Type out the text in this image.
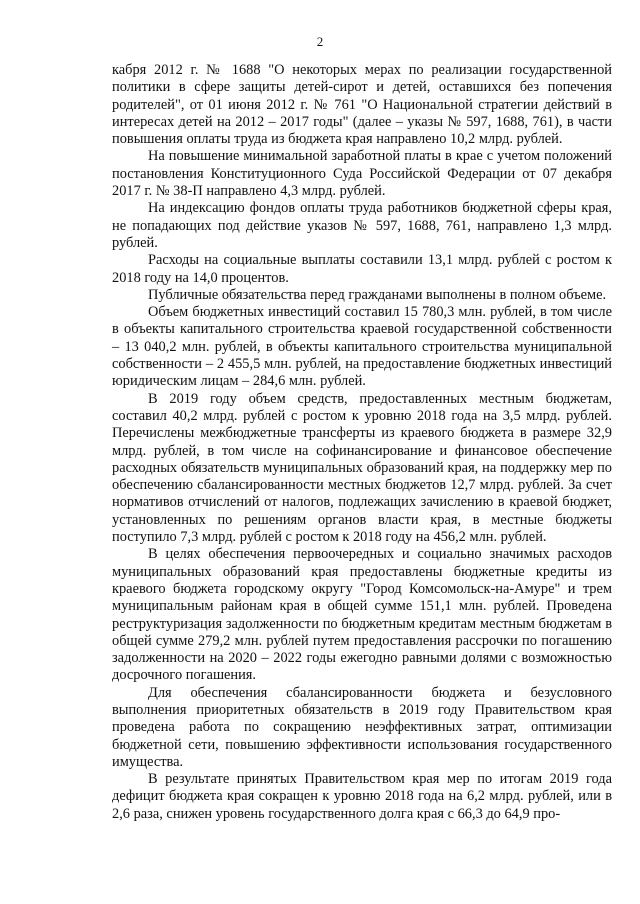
2

кабря 2012 г. № 1688 "О некоторых мерах по реализации государственной политики в сфере защиты детей-сирот и детей, оставшихся без попечения родителей", от 01 июня 2012 г. № 761 "О Национальной стратегии действий в интересах детей на 2012 – 2017 годы" (далее – указы № 597, 1688, 761), в части повышения оплаты труда из бюджета края направлено 10,2 млрд. рублей.

На повышение минимальной заработной платы в крае с учетом положений постановления Конституционного Суда Российской Федерации от 07 декабря 2017 г. № 38-П направлено 4,3 млрд. рублей.

На индексацию фондов оплаты труда работников бюджетной сферы края, не попадающих под действие указов № 597, 1688, 761, направлено 1,3 млрд. рублей.

Расходы на социальные выплаты составили 13,1 млрд. рублей с ростом к 2018 году на 14,0 процентов.

Публичные обязательства перед гражданами выполнены в полном объеме.

Объем бюджетных инвестиций составил 15 780,3 млн. рублей, в том числе в объекты капитального строительства краевой государственной собственности – 13 040,2 млн. рублей, в объекты капитального строительства муниципальной собственности – 2 455,5 млн. рублей, на предоставление бюджетных инвестиций юридическим лицам – 284,6 млн. рублей.

В 2019 году объем средств, предоставленных местным бюджетам, составил 40,2 млрд. рублей с ростом к уровню 2018 года на 3,5 млрд. рублей. Перечислены межбюджетные трансферты из краевого бюджета в размере 32,9 млрд. рублей, в том числе на софинансирование и финансовое обеспечение расходных обязательств муниципальных образований края, на поддержку мер по обеспечению сбалансированности местных бюджетов 12,7 млрд. рублей. За счет нормативов отчислений от налогов, подлежащих зачислению в краевой бюджет, установленных по решениям органов власти края, в местные бюджеты поступило 7,3 млрд. рублей с ростом к 2018 году на 456,2 млн. рублей.

В целях обеспечения первоочередных и социально значимых расходов муниципальных образований края предоставлены бюджетные кредиты из краевого бюджета городскому округу "Город Комсомольск-на-Амуре" и трем муниципальным районам края в общей сумме 151,1 млн. рублей. Проведена реструктуризация задолженности по бюджетным кредитам местным бюджетам в общей сумме 279,2 млн. рублей путем предоставления рассрочки по погашению задолженности на 2020 – 2022 годы ежегодно равными долями с возможностью досрочного погашения.

Для обеспечения сбалансированности бюджета и безусловного выполнения приоритетных обязательств в 2019 году Правительством края проведена работа по сокращению неэффективных затрат, оптимизации бюджетной сети, повышению эффективности использования государственного имущества.

В результате принятых Правительством края мер по итогам 2019 года дефицит бюджета края сокращен к уровню 2018 года на 6,2 млрд. рублей, или в 2,6 раза, снижен уровень государственного долга края с 66,3 до 64,9 про-
